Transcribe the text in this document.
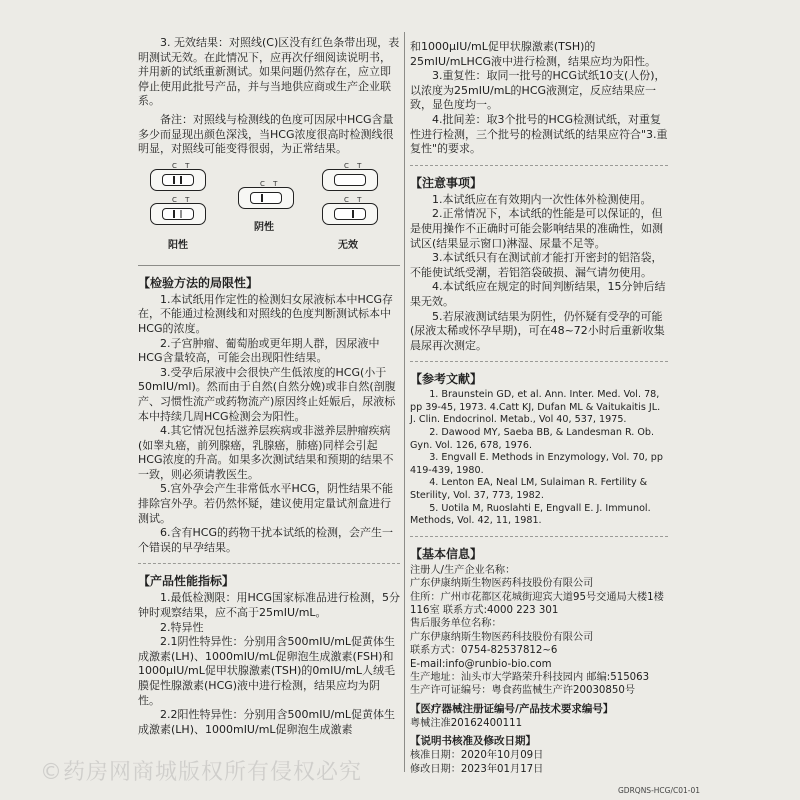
3. 无效结果：对照线(C)区没有红色条带出现，表明测试无效。在此情况下，应再次仔细阅读说明书，并用新的试纸重新测试。如果问题仍然存在，应立即停止使用此批号产品，并与当地供应商或生产企业联系。

备注：对照线与检测线的色度可因尿中HCG含量多少而显现出颜色深浅，当HCG浓度很高时检测线很明显，对照线可能变得很弱，为正常结果。

C T
C T
阳性
C T
阴性
C T
C T
无效
【检验方法的局限性】

1.本试纸用作定性的检测妇女尿液标本中HCG存在，不能通过检测线和对照线的色度判断测试标本中HCG的浓度。

2.子宫肿瘤、葡萄胎或更年期人群，因尿液中HCG含量较高，可能会出现阳性结果。

3.受孕后尿液中会很快产生低浓度的HCG(小于50mIU/ml)。然而由于自然(自然分娩)或非自然(剖腹产、习惯性流产或药物流产)原因终止妊娠后，尿液标本中持续几周HCG检测会为阳性。

4.其它情况包括滋养层疾病或非滋养层肿瘤疾病(如睾丸癌，前列腺癌，乳腺癌，肺癌)同样会引起HCG浓度的升高。如果多次测试结果和预期的结果不一致，则必须请教医生。

5.宫外孕会产生非常低水平HCG，阴性结果不能排除宫外孕。若仍然怀疑，建议使用定量试剂盒进行测试。

6.含有HCG的药物干扰本试纸的检测，会产生一个错误的早孕结果。

【产品性能指标】

1.最低检测限：用HCG国家标准品进行检测，5分钟时观察结果，应不高于25mIU/mL。

2.特异性

2.1阴性特异性：分别用含500mIU/mL促黄体生成激素(LH)、1000mIU/mL促卵泡生成激素(FSH)和1000μIU/mL促甲状腺激素(TSH)的0mIU/mL人绒毛膜促性腺激素(HCG)液中进行检测，结果应均为阴性。

2.2阳性特异性：分别用含500mIU/mL促黄体生成激素(LH)、1000mIU/mL促卵泡生成激素

和1000μIU/mL促甲状腺激素(TSH)的25mIU/mLHCG液中进行检测，结果应均为阳性。

3.重复性：取同一批号的HCG试纸10支(人份)，以浓度为25mIU/mL的HCG液测定，反应结果应一致，显色度均一。

4.批间差：取3个批号的HCG检测试纸，对重复性进行检测，三个批号的检测试纸的结果应符合"3.重复性"的要求。

【注意事项】

1.本试纸应在有效期内一次性体外检测使用。

2.正常情况下，本试纸的性能是可以保证的，但是使用操作不正确时可能会影响结果的准确性，如测试区(结果显示窗口)淋湿、尿量不足等。

3.本试纸只有在测试前才能打开密封的铝箔袋，不能使试纸受潮，若铝箔袋破损、漏气请勿使用。

4.本试纸应在规定的时间判断结果，15分钟后结果无效。

5.若尿液测试结果为阴性，仍怀疑有受孕的可能(尿液太稀或怀孕早期)，可在48~72小时后重新收集晨尿再次测定。

【参考文献】

1. Braunstein GD, et al. Ann. Inter. Med. Vol. 78, pp 39-45, 1973. 4.Catt KJ, Dufan ML & Vaitukaitis JL. J. Clin. Endocrinol. Metab., Vol 40, 537, 1975.

2. Dawood MY, Saeba BB, & Landesman R. Ob. Gyn. Vol. 126, 678, 1976.

3. Engvall E. Methods in Enzymology, Vol. 70, pp 419-439, 1980.

4. Lenton EA, Neal LM, Sulaiman R. Fertility & Sterility, Vol. 37, 773, 1982.

5. Uotila M, Ruoslahti E, Engvall E. J. Immunol. Methods, Vol. 42, 11, 1981.

【基本信息】

注册人/生产企业名称：

广东伊康纳斯生物医药科技股份有限公司

住所：广州市花都区花城街迎宾大道95号交通局大楼1楼116室 联系方式:4000 223 301

售后服务单位名称：

广东伊康纳斯生物医药科技股份有限公司

联系方式：0754-82537812~6

E-mail:info@runbio-bio.com

生产地址：汕头市大学路荣升科技园内 邮编:515063

生产许可证编号：粤食药监械生产许20030850号

【医疗器械注册证编号/产品技术要求编号】

粤械注准20162400111

【说明书核准及修改日期】

核准日期：2020年10月09日

修改日期：2023年01月17日

©药房网商城版权所有侵权必究
GDRQNS-HCG/C01-01
